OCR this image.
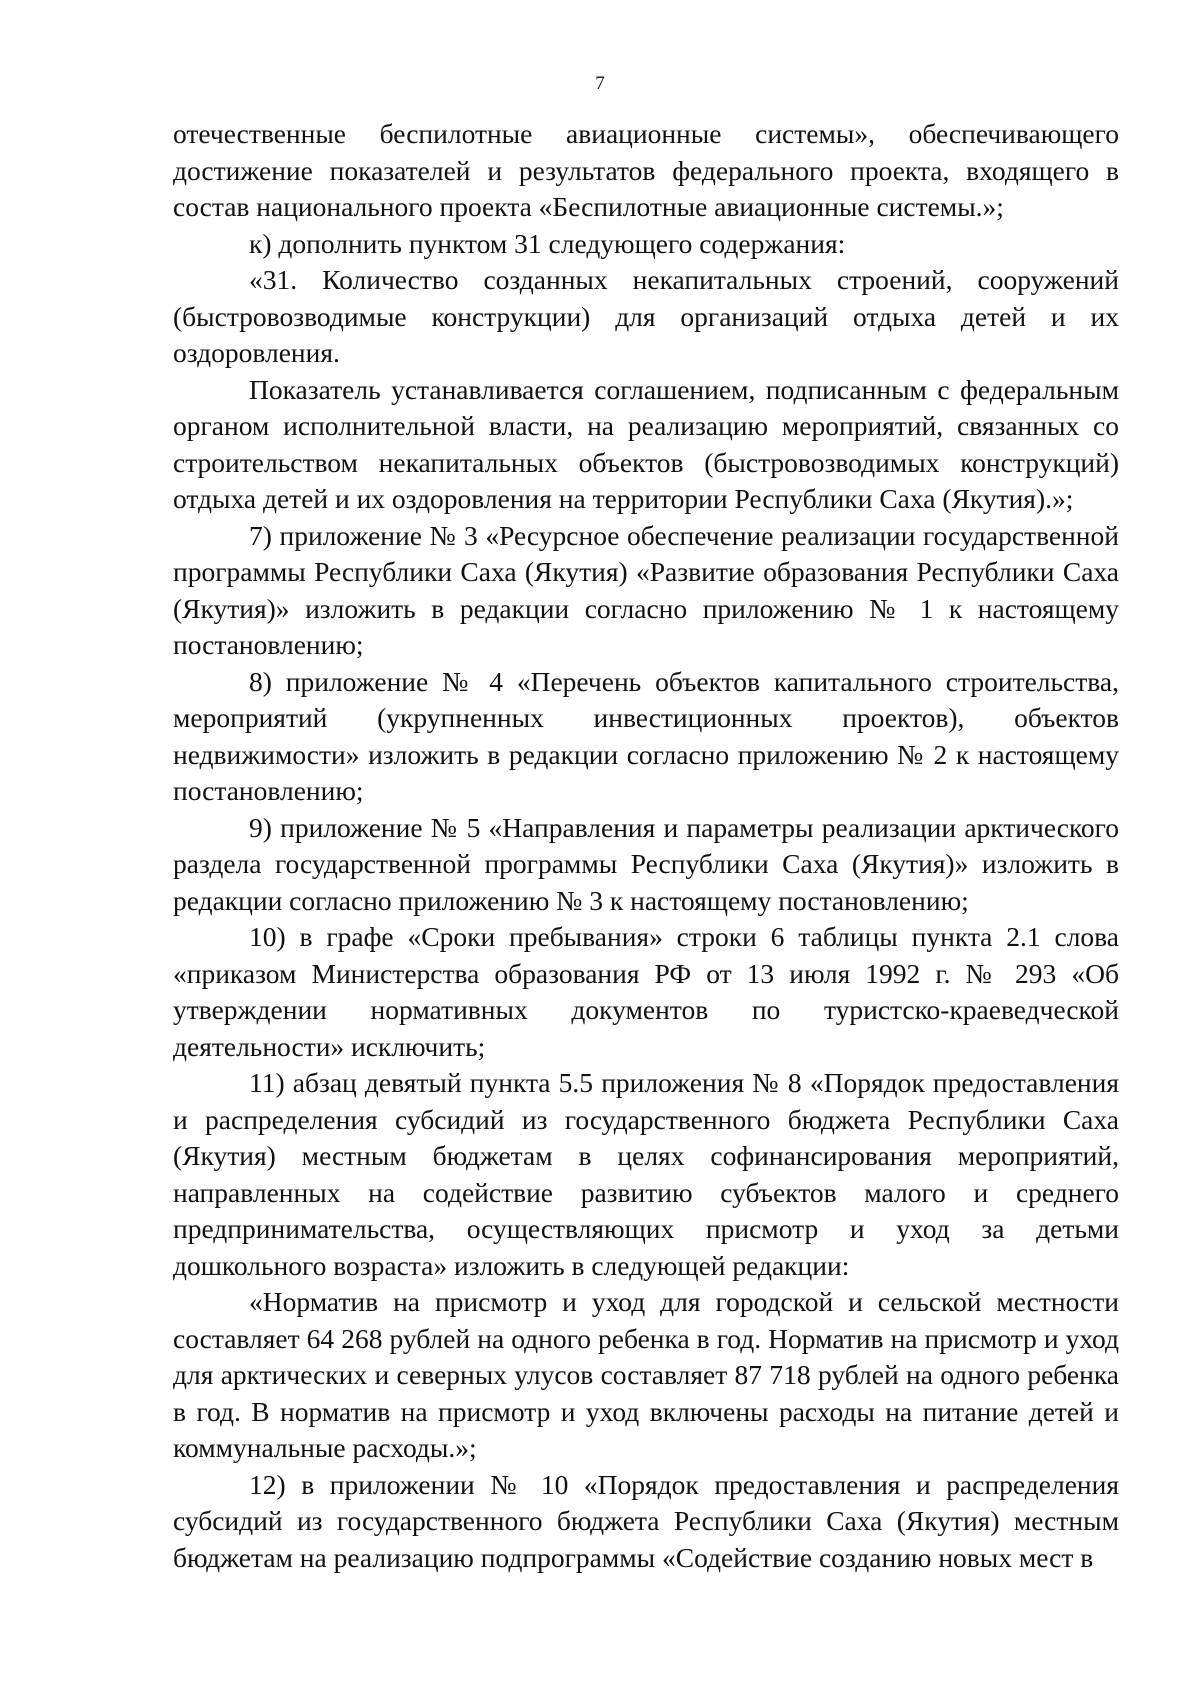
7

отечественные беспилотные авиационные системы», обеспечивающего достижение показателей и результатов федерального проекта, входящего в состав национального проекта «Беспилотные авиационные системы.»;

к) дополнить пунктом 31 следующего содержания:

«31. Количество созданных некапитальных строений, сооружений (быстровозводимые конструкции) для организаций отдыха детей и их оздоровления.

Показатель устанавливается соглашением, подписанным с федеральным органом исполнительной власти, на реализацию мероприятий, связанных со строительством некапитальных объектов (быстровозводимых конструкций) отдыха детей и их оздоровления на территории Республики Саха (Якутия).»;

7) приложение № 3 «Ресурсное обеспечение реализации государственной программы Республики Саха (Якутия) «Развитие образования Республики Саха (Якутия)» изложить в редакции согласно приложению № 1 к настоящему постановлению;

8) приложение № 4 «Перечень объектов капитального строительства, мероприятий (укрупненных инвестиционных проектов), объектов недвижимости» изложить в редакции согласно приложению № 2 к настоящему постановлению;

9) приложение № 5 «Направления и параметры реализации арктического раздела государственной программы Республики Саха (Якутия)» изложить в редакции согласно приложению № 3 к настоящему постановлению;

10) в графе «Сроки пребывания» строки 6 таблицы пункта 2.1 слова «приказом Министерства образования РФ от 13 июля 1992 г. № 293 «Об утверждении нормативных документов по туристско-краеведческой деятельности» исключить;

11) абзац девятый пункта 5.5 приложения № 8 «Порядок предоставления и распределения субсидий из государственного бюджета Республики Саха (Якутия) местным бюджетам в целях софинансирования мероприятий, направленных на содействие развитию субъектов малого и среднего предпринимательства, осуществляющих присмотр и уход за детьми дошкольного возраста» изложить в следующей редакции:

«Норматив на присмотр и уход для городской и сельской местности составляет 64 268 рублей на одного ребенка в год. Норматив на присмотр и уход для арктических и северных улусов составляет 87 718 рублей на одного ребенка в год. В норматив на присмотр и уход включены расходы на питание детей и коммунальные расходы.»;

12) в приложении № 10 «Порядок предоставления и распределения субсидий из государственного бюджета Республики Саха (Якутия) местным бюджетам на реализацию подпрограммы «Содействие созданию новых мест в
